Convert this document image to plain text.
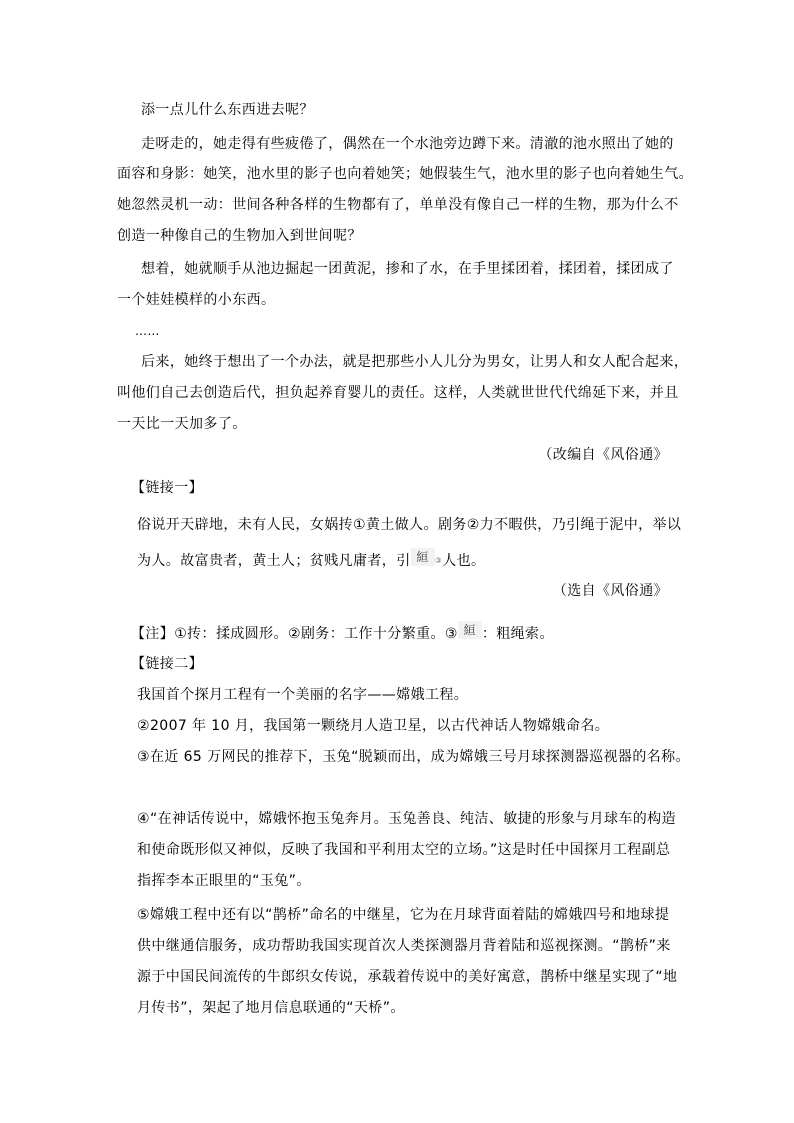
添一点儿什么东西进去呢？
走呀走的，她走得有些疲倦了，偶然在一个水池旁边蹲下来。清澈的池水照出了她的
面容和身影：她笑，池水里的影子也向着她笑；她假装生气，池水里的影子也向着她生气。
她忽然灵机一动：世间各种各样的生物都有了，单单没有像自己一样的生物，那为什么不
创造一种像自己的生物加入到世间呢？
想着，她就顺手从池边掘起一团黄泥，掺和了水，在手里揉团着，揉团着，揉团成了
一个娃娃模样的小东西。
……
后来，她终于想出了一个办法，就是把那些小人儿分为男女，让男人和女人配合起来，
叫他们自己去创造后代，担负起养育婴儿的责任。这样，人类就世世代代绵延下来，并且
一天比一天加多了。
（改编自《风俗通》
【链接一】
俗说开天辟地，未有人民，女娲抟①黄土做人。剧务②力不暇供，乃引绳于泥中，举以
为人。故富贵者，黄土人；贫贱凡庸者，引 絙 ③人也。
（选自《风俗通》
【注】①抟：揉成圆形。②剧务：工作十分繁重。③ 絙 ：粗绳索。
【链接二】
我国首个探月工程有一个美丽的名字——嫦娥工程。
②2007 年 10 月，我国第一颗绕月人造卫星，以古代神话人物嫦娥命名。
③在近 65 万网民的推荐下，玉兔“脱颖而出，成为嫦娥三号月球探测器巡视器的名称。
④“在神话传说中，嫦娥怀抱玉兔奔月。玉兔善良、纯洁、敏捷的形象与月球车的构造
和使命既形似又神似，反映了我国和平利用太空的立场。”这是时任中国探月工程副总
指挥李本正眼里的“玉兔”。
⑤嫦娥工程中还有以“鹊桥”命名的中继星，它为在月球背面着陆的嫦娥四号和地球提
供中继通信服务，成功帮助我国实现首次人类探测器月背着陆和巡视探测。“鹊桥”来
源于中国民间流传的牛郎织女传说，承载着传说中的美好寓意，鹊桥中继星实现了“地
月传书”，架起了地月信息联通的“天桥”。
